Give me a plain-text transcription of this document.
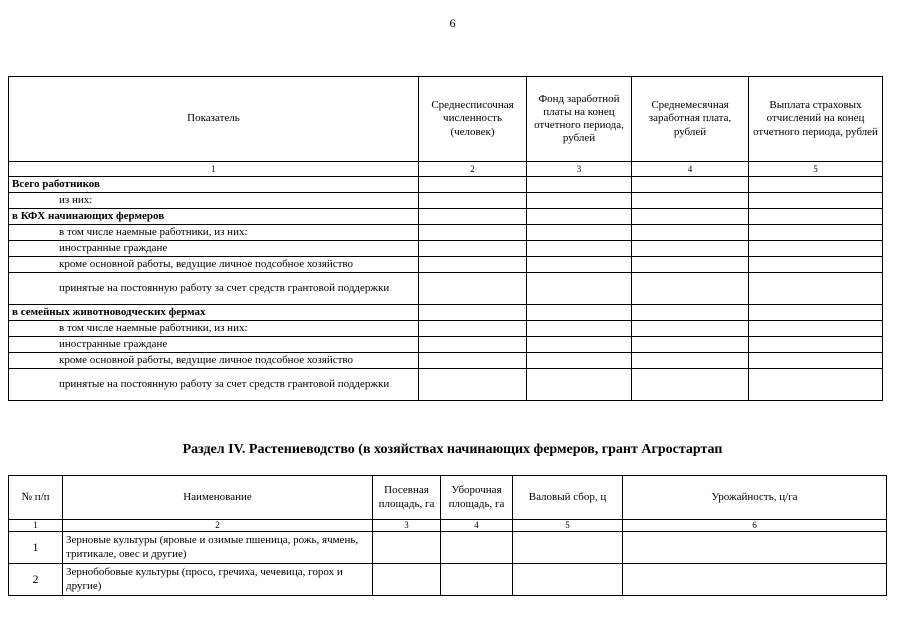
6
Показатель	Среднесписочная численность (человек)	Фонд заработной платы на конец отчетного периода, рублей	Среднемесячная заработная плата, рублей	Выплата страховых отчислений на конец отчетного периода, рублей
1	2	3	4	5
Всего работников				
из них:				
в КФХ начинающих фермеров				
в том числе наемные работники, из них:				
иностранные граждане				
кроме основной работы, ведущие личное подсобное хозяйство				
принятые на постоянную работу за счет средств грантовой поддержки				
в семейных животноводческих фермах				
в том числе наемные работники, из них:				
иностранные граждане				
кроме основной работы, ведущие личное подсобное хозяйство				
принятые на постоянную работу за счет средств грантовой поддержки				
Раздел IV. Растениеводство (в хозяйствах начинающих фермеров, грант Агростартап
№ п/п	Наименование	Посевная площадь, га	Уборочная площадь, га	Валовый сбор, ц	Урожайность, ц/га
1	2	3	4	5	6
1	Зерновые культуры (яровые и озимые пшеница, рожь, ячмень, тритикале, овес и другие)				
2	Зернобобовые культуры (просо, гречиха, чечевица, горох и другие)				
